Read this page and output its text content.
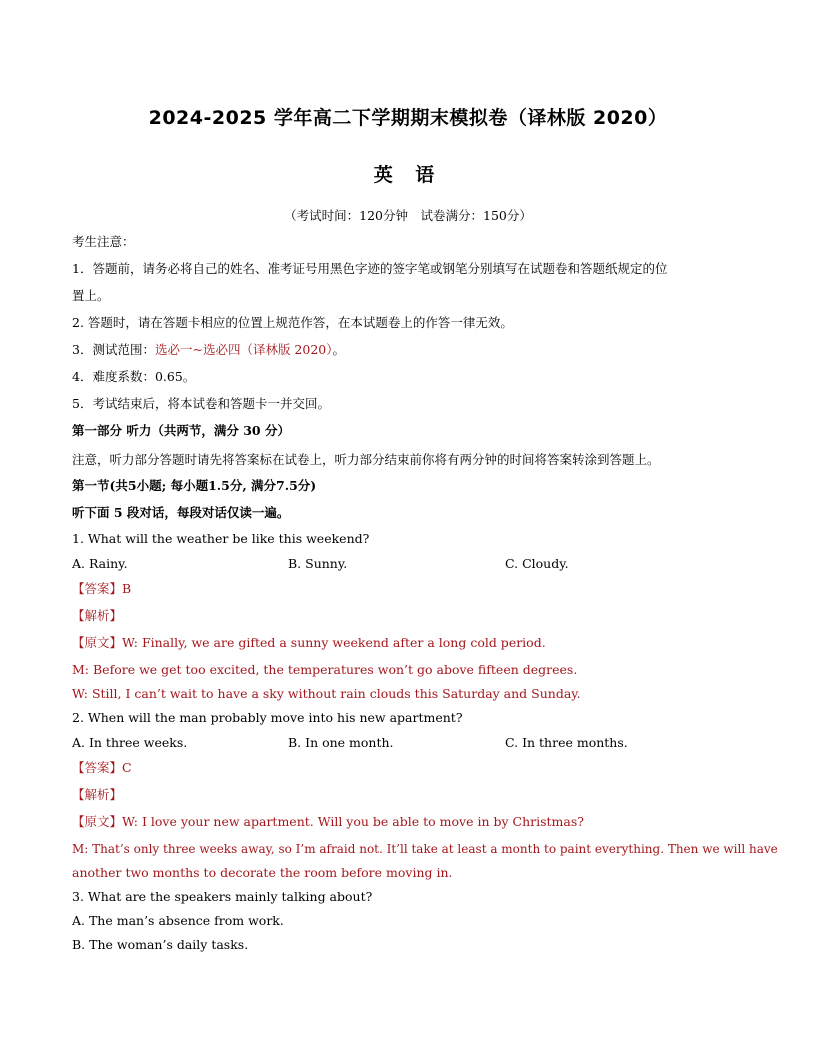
2024-2025 学年高二下学期期末模拟卷（译林版 2020）
英 语
（考试时间：120分钟　试卷满分：150分）
考生注意：
1．答题前，请务必将自己的姓名、准考证号用黑色字迹的签字笔或钢笔分别填写在试题卷和答题纸规定的位
置上。
2. 答题时，请在答题卡相应的位置上规范作答，在本试题卷上的作答一律无效。
3．测试范围：选必一~选必四（译林版 2020）。
4．难度系数：0.65。
5．考试结束后，将本试卷和答题卡一并交回。
第一部分 听力（共两节，满分 30 分）
注意，听力部分答题时请先将答案标在试卷上，听力部分结束前你将有两分钟的时间将答案转涂到答题上。
第一节(共5小题; 每小题1.5分, 满分7.5分)
听下面 5 段对话，每段对话仅读一遍。
1. What will the weather be like this weekend?
A. Rainy.	B. Sunny.	C. Cloudy.
【答案】B
【解析】
【原文】W: Finally, we are gifted a sunny weekend after a long cold period.
M: Before we get too excited, the temperatures won’t go above fifteen degrees.
W: Still, I can’t wait to have a sky without rain clouds this Saturday and Sunday.
2. When will the man probably move into his new apartment?
A. In three weeks.	B. In one month.	C. In three months.
【答案】C
【解析】
【原文】W: I love your new apartment. Will you be able to move in by Christmas?
M: That’s only three weeks away, so I’m afraid not. It’ll take at least a month to paint everything. Then we will have
another two months to decorate the room before moving in.
3. What are the speakers mainly talking about?
A. The man’s absence from work.
B. The woman’s daily tasks.
